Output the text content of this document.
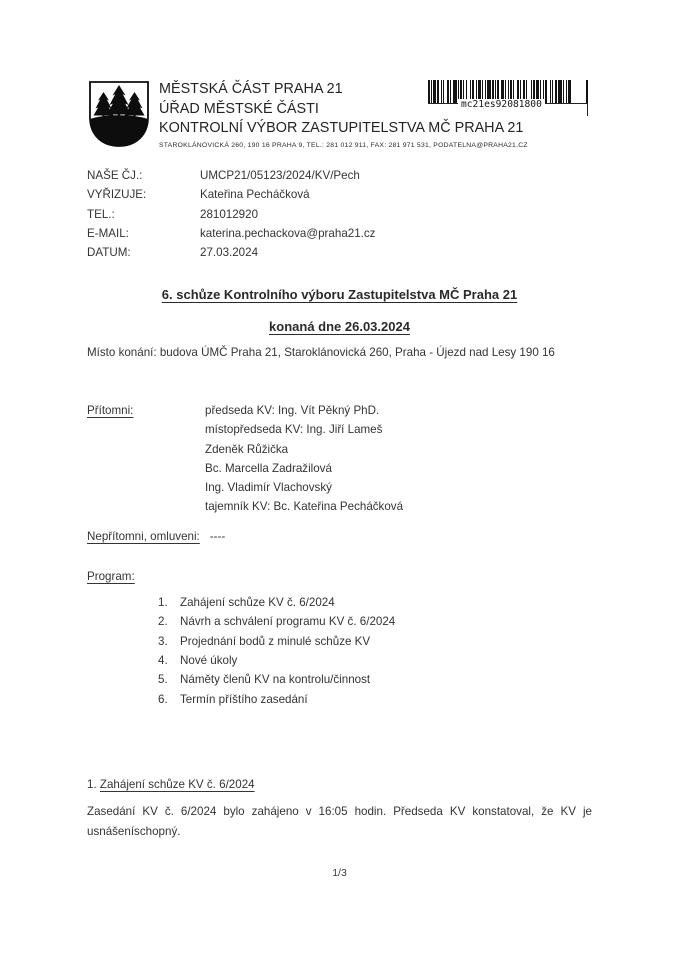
MĚSTSKÁ ČÁST PRAHA 21
ÚŘAD MĚSTSKÉ ČÁSTI
KONTROLNÍ VÝBOR ZASTUPITELSTVA MČ PRAHA 21
STAROKLÁNOVICKÁ 260, 190 16 PRAHA 9, TEL.: 281 012 911, FAX: 281 971 531, PODATELNA@PRAHA21.CZ
mc21es92081800
NAŠE ČJ.:	UMCP21/05123/2024/KV/Pech
VYŘIZUJE:	Kateřina Pecháčková
TEL.:	281012920
E-MAIL:	katerina.pechackova@praha21.cz
DATUM:	27.03.2024
6. schůze Kontrolního výboru Zastupitelstva MČ Praha 21
konaná dne 26.03.2024
Místo konání: budova ÚMČ Praha 21, Staroklánovická 260, Praha - Újezd nad Lesy 190 16
Přítomni:	předseda KV: Ing. Vít Pěkný PhD.
místopředseda KV: Ing. Jiří Lameš
Zdeněk Růžička
Bc. Marcella Zadražilová
Ing. Vladimír Vlachovský
tajemník KV: Bc. Kateřina Pecháčková
Nepřítomni, omluveni: ----
Program:
1.	Zahájení schůze KV č. 6/2024
2.	Návrh a schválení programu KV č. 6/2024
3.	Projednání bodů z minulé schůze KV
4.	Nové úkoly
5.	Náměty členů KV na kontrolu/činnost
6.	Termín příštího zasedání
1. Zahájení schůze KV č. 6/2024
Zasedání KV č. 6/2024 bylo zahájeno v 16:05 hodin. Předseda KV konstatoval, že KV je usnášeníschopný.
1/3
